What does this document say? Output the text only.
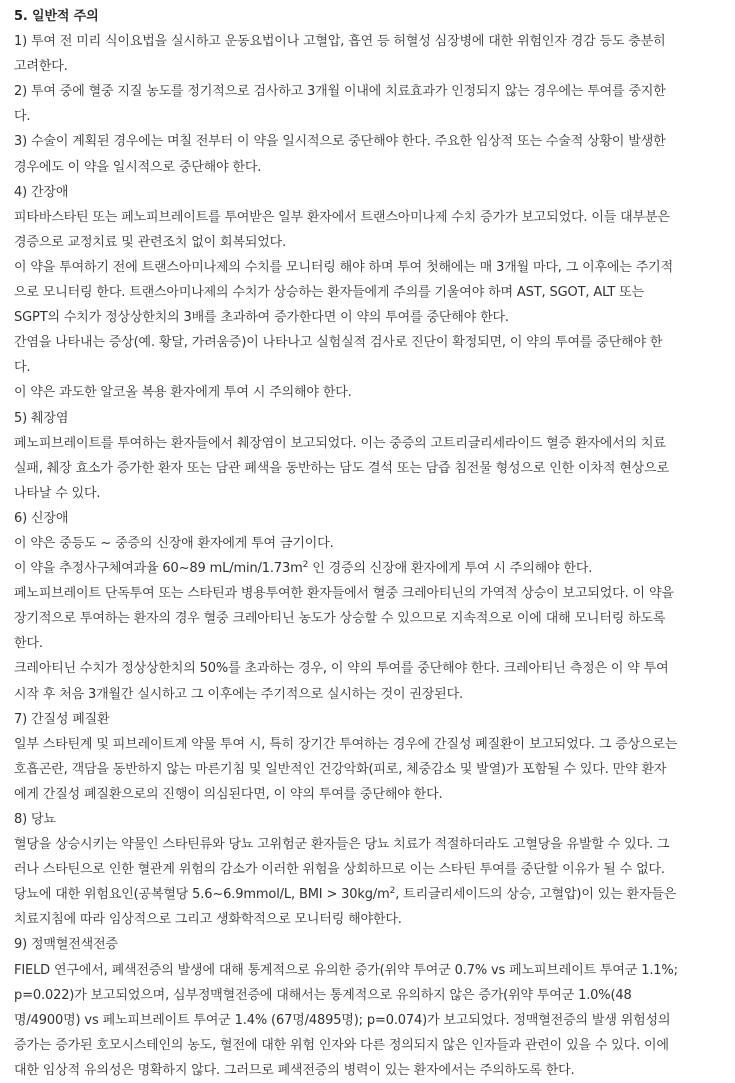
5. 일반적 주의
1) 투여 전 미리 식이요법을 실시하고 운동요법이나 고혈압, 흡연 등 허혈성 심장병에 대한 위험인자 경감 등도 충분히
고려한다.
2) 투여 중에 혈중 지질 농도를 정기적으로 검사하고 3개월 이내에 치료효과가 인정되지 않는 경우에는 투여를 중지한
다.
3) 수술이 계획된 경우에는 며칠 전부터 이 약을 일시적으로 중단해야 한다. 주요한 임상적 또는 수술적 상황이 발생한
경우에도 이 약을 일시적으로 중단해야 한다.
4) 간장애
피타바스타틴 또는 페노피브레이트를 투여받은 일부 환자에서 트랜스아미나제 수치 증가가 보고되었다. 이들 대부분은
경증으로 교정치료 및 관련조치 없이 회복되었다.
이 약을 투여하기 전에 트랜스아미나제의 수치를 모니터링 해야 하며 투여 첫해에는 매 3개월 마다, 그 이후에는 주기적
으로 모니터링 한다. 트랜스아미나제의 수치가 상승하는 환자들에게 주의를 기울여야 하며 AST, SGOT, ALT 또는
SGPT의 수치가 정상상한치의 3배를 초과하여 증가한다면 이 약의 투여를 중단해야 한다.
간염을 나타내는 증상(예. 황달, 가려움증)이 나타나고 실험실적 검사로 진단이 확정되면, 이 약의 투여를 중단해야 한
다.
이 약은 과도한 알코올 복용 환자에게 투여 시 주의해야 한다.
5) 췌장염
페노피브레이트를 투여하는 환자들에서 췌장염이 보고되었다. 이는 중증의 고트리글리세라이드 혈증 환자에서의 치료
실패, 췌장 효소가 증가한 환자 또는 담관 폐색을 동반하는 담도 결석 또는 담즙 침전물 형성으로 인한 이차적 현상으로
나타날 수 있다.
6) 신장애
이 약은 중등도 ~ 중증의 신장애 환자에게 투여 금기이다.
이 약을 추정사구체여과율 60~89 $mL/\min/1.73m^2$ 인 경증의 신장애 환자에게 투여 시 주의해야 한다.
페노피브레이트 단독투여 또는 스타틴과 병용투여한 환자들에서 혈중 크레아티닌의 가역적 상승이 보고되었다. 이 약을
장기적으로 투여하는 환자의 경우 혈중 크레아티닌 농도가 상승할 수 있으므로 지속적으로 이에 대해 모니터링 하도록
한다.
크레아티닌 수치가 정상상한치의 50%를 초과하는 경우, 이 약의 투여를 중단해야 한다. 크레아티닌 측정은 이 약 투여
시작 후 처음 3개월간 실시하고 그 이후에는 주기적으로 실시하는 것이 권장된다.
7) 간질성 폐질환
일부 스타틴계 및 피브레이트계 약물 투여 시, 특히 장기간 투여하는 경우에 간질성 폐질환이 보고되었다. 그 증상으로는
호흡곤란, 객담을 동반하지 않는 마른기침 및 일반적인 건강악화(피로, 체중감소 및 발열)가 포함될 수 있다. 만약 환자
에게 간질성 폐질환으로의 진행이 의심된다면, 이 약의 투여를 중단해야 한다.
8) 당뇨
혈당을 상승시키는 약물인 스타틴류와 당뇨 고위험군 환자들은 당뇨 치료가 적절하더라도 고혈당을 유발할 수 있다. 그
러나 스타틴으로 인한 혈관계 위험의 감소가 이러한 위험을 상회하므로 이는 스타틴 투여를 중단할 이유가 될 수 없다.
당뇨에 대한 위험요인(공복혈당 5.6~6.9mmol/L, BMI > $30kg/m^2$, 트리글리세이드의 상승, 고혈압)이 있는 환자들은
치료지침에 따라 임상적으로 그리고 생화학적으로 모니터링 해야한다.
9) 정맥혈전색전증
FIELD 연구에서, 폐색전증의 발생에 대해 통계적으로 유의한 증가(위약 투여군 0.7% vs 페노피브레이트 투여군 1.1%;
p=0.022)가 보고되었으며, 심부정맥혈전증에 대해서는 통계적으로 유의하지 않은 증가(위약 투여군 1.0%(48
명/4900명) vs 페노피브레이트 투여군 1.4% (67명/4895명); p=0.074)가 보고되었다. 정맥혈전증의 발생 위험성의
증가는 증가된 호모시스테인의 농도, 혈전에 대한 위험 인자와 다른 정의되지 않은 인자들과 관련이 있을 수 있다. 이에
대한 임상적 유의성은 명확하지 않다. 그러므로 폐색전증의 병력이 있는 환자에서는 주의하도록 한다.
